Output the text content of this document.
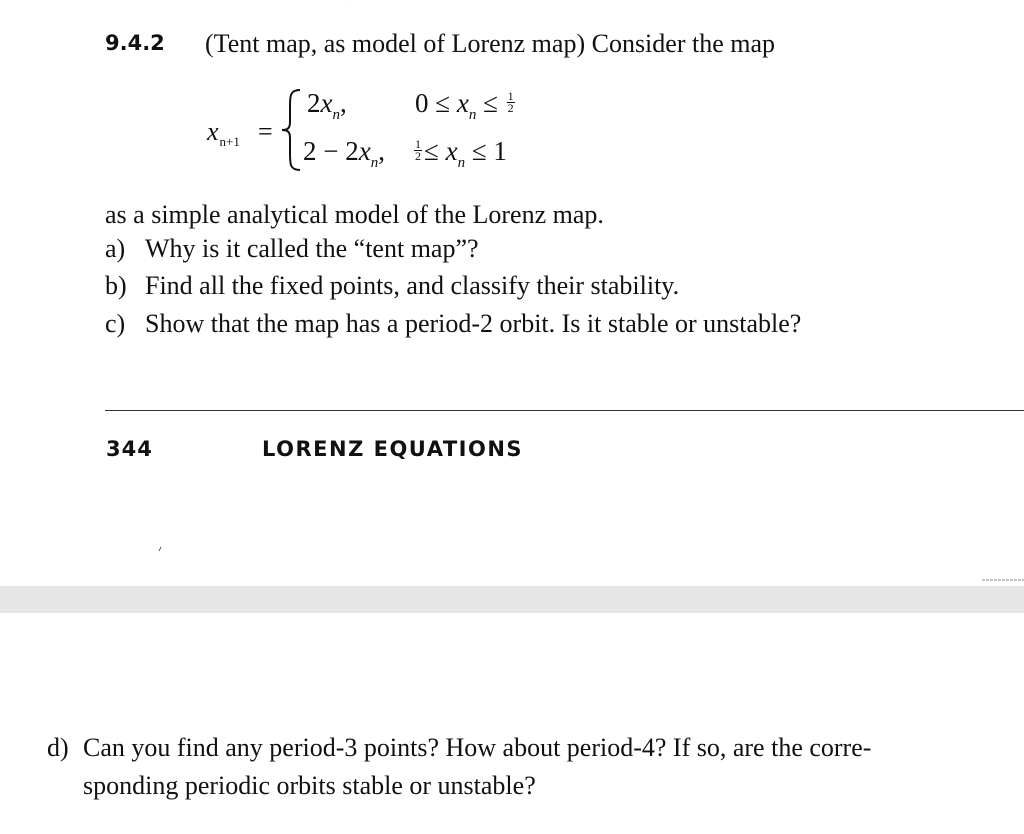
9.4.2 (Tent map, as model of Lorenz map) Consider the map
$x_{n+1}$ =
$2x_n$,	$0 \le x_n \le \frac{1}{2}$
$2 - 2x_n$, $\frac{1}{2} \le x_n \le 1$
as a simple analytical model of the Lorenz map.
a) Why is it called the “tent map”?
b) Find all the fixed points, and classify their stability.
c) Show that the map has a period-2 orbit. Is it stable or unstable?
344	LORENZ EQUATIONS
d) Can you find any period-3 points? How about period-4? If so, are the corre-
sponding periodic orbits stable or unstable?
